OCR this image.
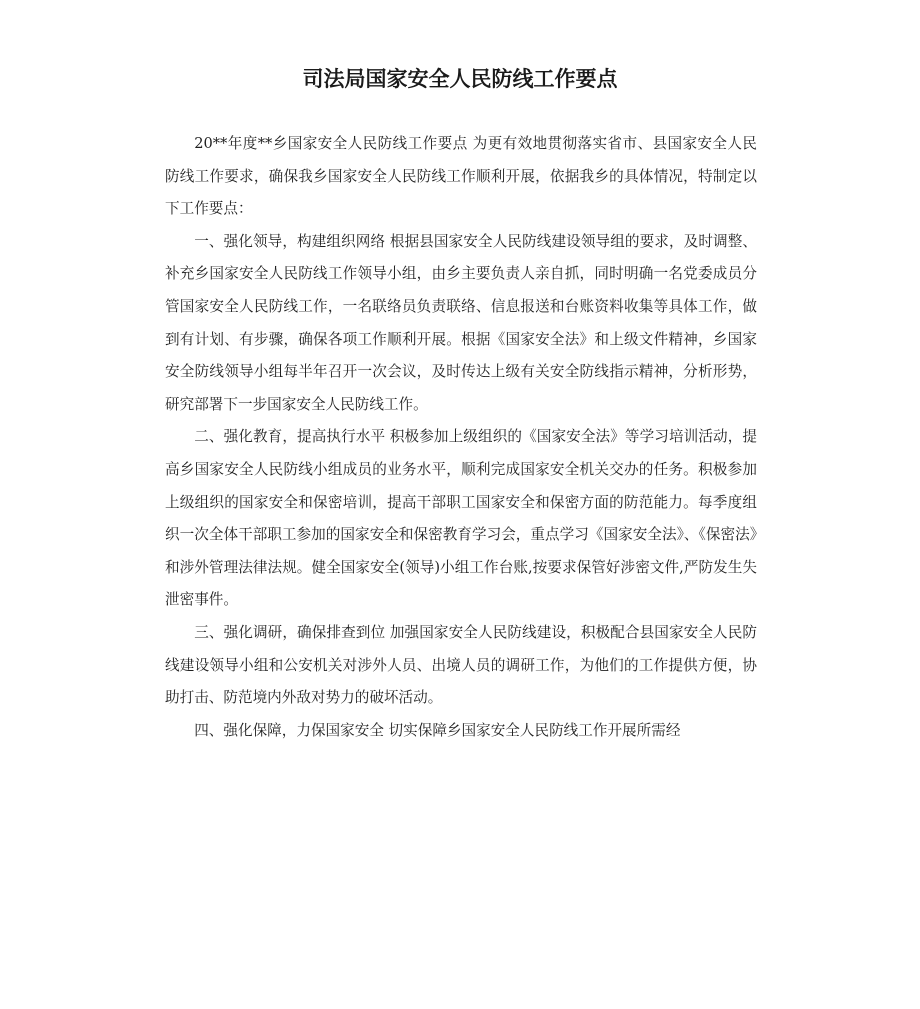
司法局国家安全人民防线工作要点

20**年度**乡国家安全人民防线工作要点 为更有效地贯彻落实省市、县国家安全人民防线工作要求，确保我乡国家安全人民防线工作顺利开展，依据我乡的具体情况，特制定以下工作要点：

一、强化领导，构建组织网络 根据县国家安全人民防线建设领导组的要求，及时调整、补充乡国家安全人民防线工作领导小组，由乡主要负责人亲自抓，同时明确一名党委成员分管国家安全人民防线工作，一名联络员负责联络、信息报送和台账资料收集等具体工作，做到有计划、有步骤，确保各项工作顺利开展。根据《国家安全法》和上级文件精神，乡国家安全防线领导小组每半年召开一次会议，及时传达上级有关安全防线指示精神，分析形势，研究部署下一步国家安全人民防线工作。

二、强化教育，提高执行水平 积极参加上级组织的《国家安全法》等学习培训活动，提高乡国家安全人民防线小组成员的业务水平，顺利完成国家安全机关交办的任务。积极参加上级组织的国家安全和保密培训，提高干部职工国家安全和保密方面的防范能力。每季度组织一次全体干部职工参加的国家安全和保密教育学习会，重点学习《国家安全法》、《保密法》和涉外管理法律法规。健全国家安全(领导)小组工作台账,按要求保管好涉密文件,严防发生失泄密事件。

三、强化调研，确保排查到位 加强国家安全人民防线建设，积极配合县国家安全人民防线建设领导小组和公安机关对涉外人员、出境人员的调研工作，为他们的工作提供方便，协助打击、防范境内外敌对势力的破坏活动。

四、强化保障，力保国家安全 切实保障乡国家安全人民防线工作开展所需经
